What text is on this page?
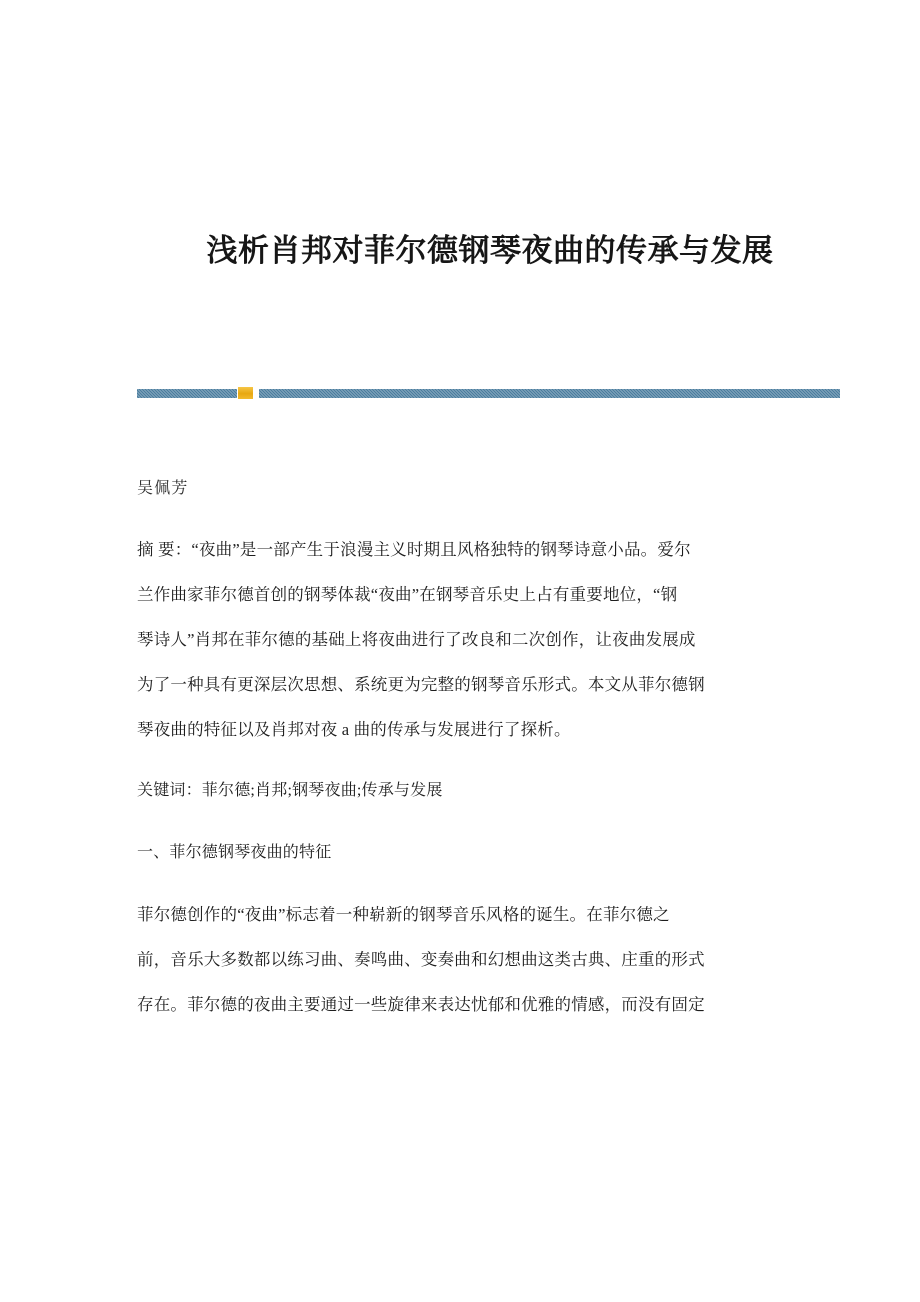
浅析肖邦对菲尔德钢琴夜曲的传承与发展

吴佩芳

摘 要：“夜曲”是一部产生于浪漫主义时期且风格独特的钢琴诗意小品。爱尔
兰作曲家菲尔德首创的钢琴体裁“夜曲”在钢琴音乐史上占有重要地位，“钢
琴诗人”肖邦在菲尔德的基础上将夜曲进行了改良和二次创作，让夜曲发展成
为了一种具有更深层次思想、系统更为完整的钢琴音乐形式。本文从菲尔德钢
琴夜曲的特征以及肖邦对夜 a 曲的传承与发展进行了探析。

关键词：菲尔德;肖邦;钢琴夜曲;传承与发展

一、菲尔德钢琴夜曲的特征

菲尔德创作的“夜曲”标志着一种崭新的钢琴音乐风格的诞生。在菲尔德之
前，音乐大多数都以练习曲、奏鸣曲、变奏曲和幻想曲这类古典、庄重的形式
存在。菲尔德的夜曲主要通过一些旋律来表达忧郁和优雅的情感，而没有固定
